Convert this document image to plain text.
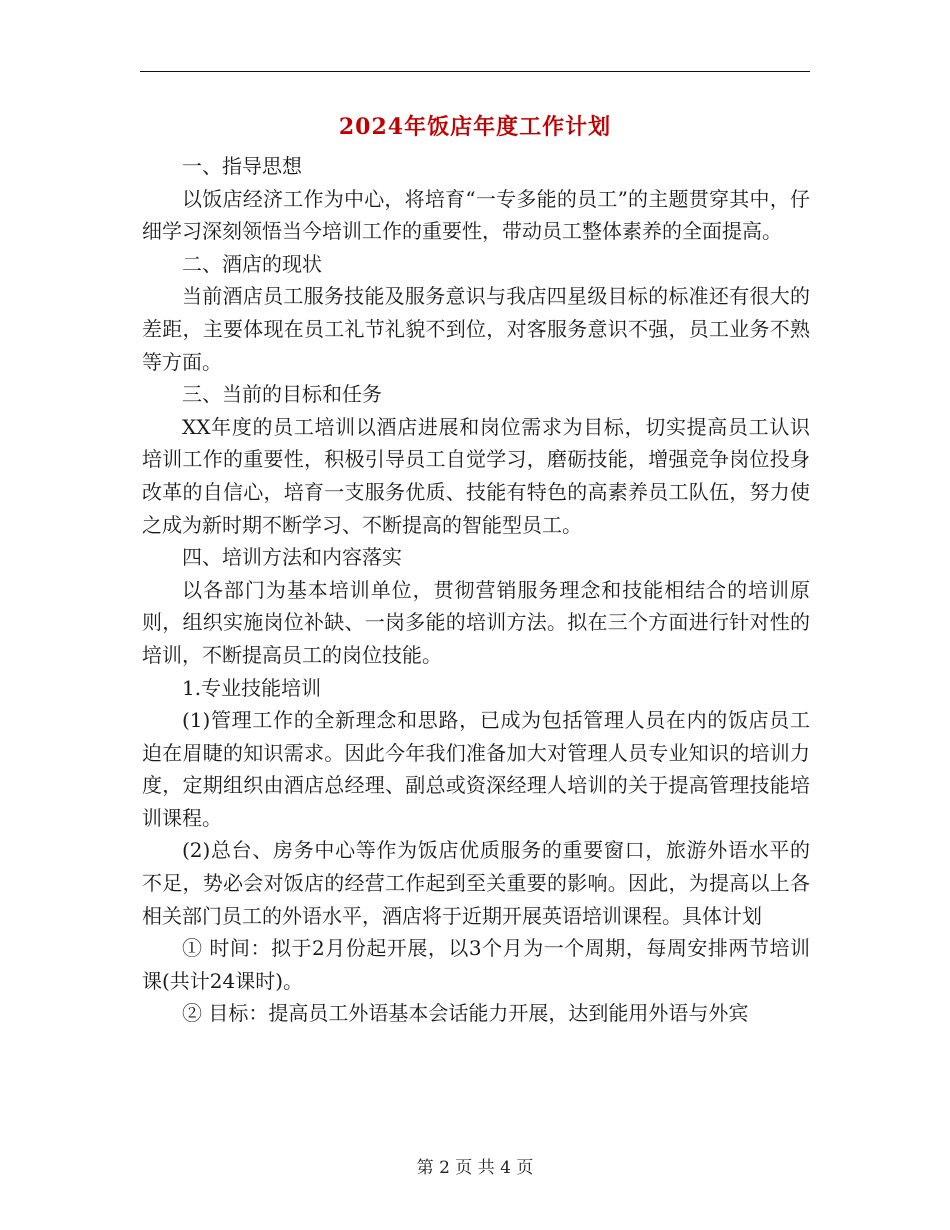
2024年饭店年度工作计划

一、指导思想

以饭店经济工作为中心，将培育“一专多能的员工”的主题贯穿其中，仔细学习深刻领悟当今培训工作的重要性，带动员工整体素养的全面提高。

二、酒店的现状

当前酒店员工服务技能及服务意识与我店四星级目标的标准还有很大的差距，主要体现在员工礼节礼貌不到位，对客服务意识不强，员工业务不熟等方面。

三、当前的目标和任务

XX年度的员工培训以酒店进展和岗位需求为目标，切实提高员工认识培训工作的重要性，积极引导员工自觉学习，磨砺技能，增强竞争岗位投身改革的自信心，培育一支服务优质、技能有特色的高素养员工队伍，努力使之成为新时期不断学习、不断提高的智能型员工。

四、培训方法和内容落实

以各部门为基本培训单位，贯彻营销服务理念和技能相结合的培训原则，组织实施岗位补缺、一岗多能的培训方法。拟在三个方面进行针对性的培训，不断提高员工的岗位技能。

1.专业技能培训

(1)管理工作的全新理念和思路，已成为包括管理人员在内的饭店员工迫在眉睫的知识需求。因此今年我们准备加大对管理人员专业知识的培训力度，定期组织由酒店总经理、副总或资深经理人培训的关于提高管理技能培训课程。

(2)总台、房务中心等作为饭店优质服务的重要窗口，旅游外语水平的不足，势必会对饭店的经营工作起到至关重要的影响。因此，为提高以上各相关部门员工的外语水平，酒店将于近期开展英语培训课程。具体计划

① 时间：拟于2月份起开展，以3个月为一个周期，每周安排两节培训课(共计24课时)。

② 目标：提高员工外语基本会话能力开展，达到能用外语与外宾

第 2 页 共 4 页
